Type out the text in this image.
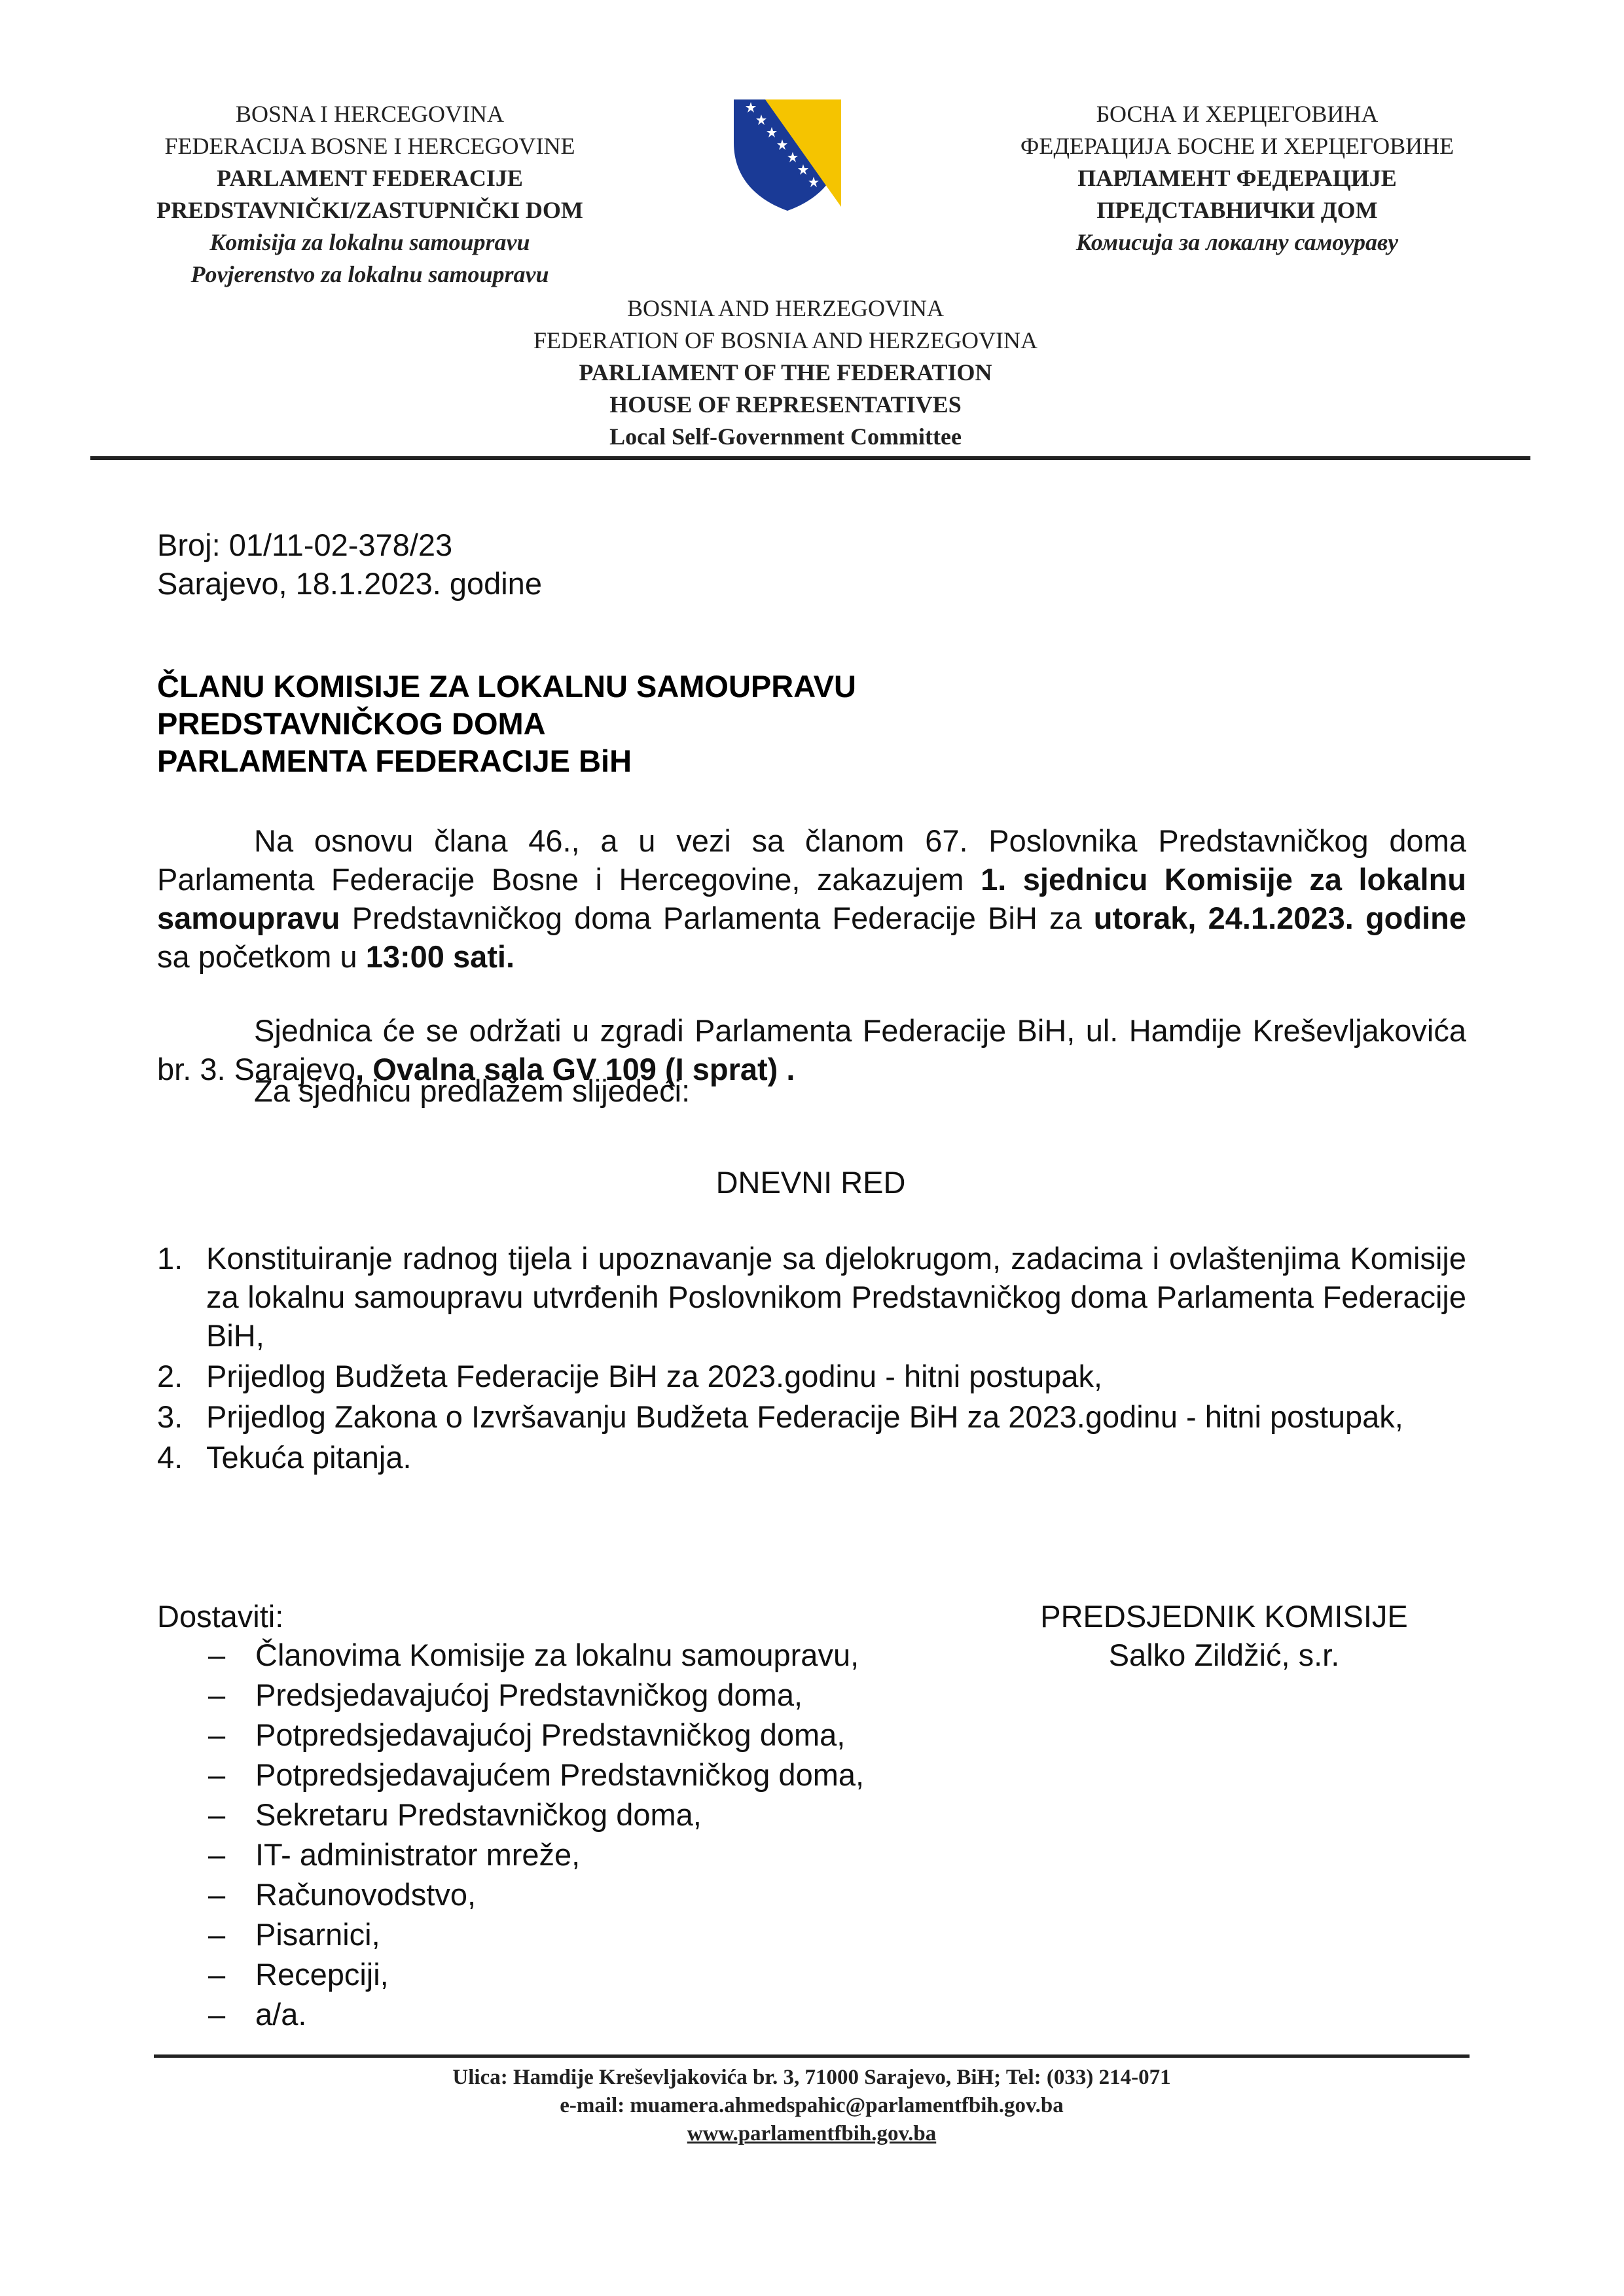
BOSNA I HERCEGOVINA
FEDERACIJA BOSNE I HERCEGOVINE
PARLAMENT FEDERACIJE
PREDSTAVNIČKI/ZASTUPNIČKI DOM
Komisija za lokalnu samoupravu
Povjerenstvo za lokalnu samoupravu
БОСНА И ХЕРЦЕГОВИНА
ФЕДЕРАЦИЈА БОСНЕ И ХЕРЦЕГОВИНЕ
ПАРЛАМЕНТ ФЕДЕРАЦИЈЕ
ПРЕДСТАВНИЧКИ ДОМ
Комисија за локалну самоураву
BOSNIA AND HERZEGOVINA
FEDERATION OF BOSNIA AND HERZEGOVINA
PARLIAMENT OF THE FEDERATION
HOUSE OF REPRESENTATIVES
Local Self-Government Committee
Broj: 01/11-02-378/23
Sarajevo, 18.1.2023. godine
ČLANU KOMISIJE ZA LOKALNU SAMOUPRAVU
PREDSTAVNIČKOG DOMA
PARLAMENTA FEDERACIJE BiH
Na osnovu člana 46., a u vezi sa članom 67. Poslovnika Predstavničkog doma Parlamenta Federacije Bosne i Hercegovine, zakazujem 1. sjednicu Komisije za lokalnu samoupravu Predstavničkog doma Parlamenta Federacije BiH za utorak, 24.1.2023. godine sa početkom u 13:00 sati.
Sjednica će se održati u zgradi Parlamenta Federacije BiH, ul. Hamdije Kreševljakovića br. 3. Sarajevo, Ovalna sala GV 109 (I sprat) .
Za sjednicu predlažem slijedeći:
DNEVNI RED
1. Konstituiranje radnog tijela i upoznavanje sa djelokrugom, zadacima i ovlaštenjima Komisije za lokalnu samoupravu utvrđenih Poslovnikom Predstavničkog doma Parlamenta Federacije BiH,
2. Prijedlog Budžeta Federacije BiH za 2023.godinu - hitni postupak,
3. Prijedlog Zakona o Izvršavanju Budžeta Federacije BiH za 2023.godinu - hitni postupak,
4. Tekuća pitanja.
Dostaviti:
– Članovima Komisije za lokalnu samoupravu,
– Predsjedavajućoj Predstavničkog doma,
– Potpredsjedavajućoj Predstavničkog doma,
– Potpredsjedavajućem Predstavničkog doma,
– Sekretaru Predstavničkog doma,
– IT- administrator mreže,
– Računovodstvo,
– Pisarnici,
– Recepciji,
– a/a.
PREDSJEDNIK KOMISIJE
Salko Zildžić, s.r.
Ulica: Hamdije Kreševljakovića br. 3, 71000 Sarajevo, BiH; Tel: (033) 214-071
e-mail: muamera.ahmedspahic@parlamentfbih.gov.ba
www.parlamentfbih.gov.ba
